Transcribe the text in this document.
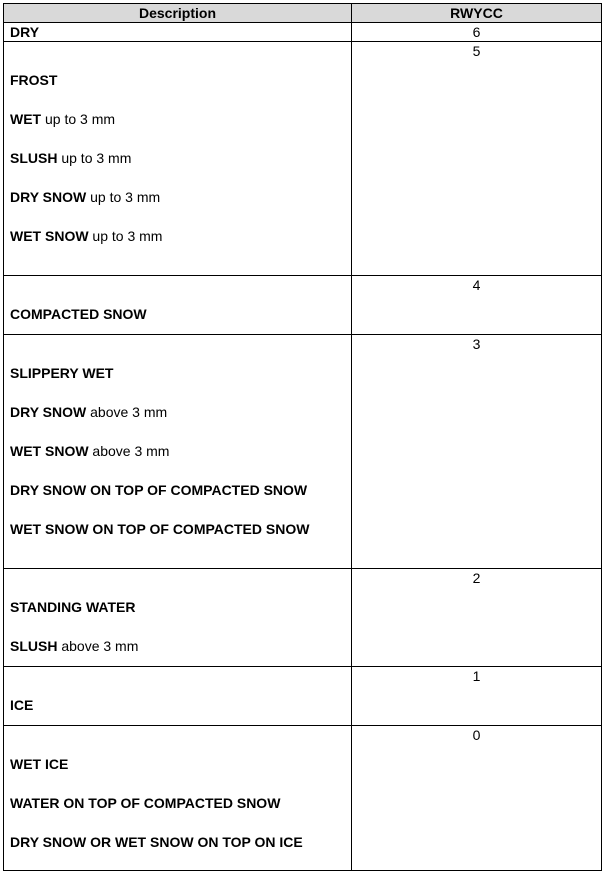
Description	RWYCC

DRY	6

FROST
WET up to 3 mm
SLUSH up to 3 mm
DRY SNOW up to 3 mm
WET SNOW up to 3 mm	5

COMPACTED SNOW	4

SLIPPERY WET
DRY SNOW above 3 mm
WET SNOW above 3 mm
DRY SNOW ON TOP OF COMPACTED SNOW
WET SNOW ON TOP OF COMPACTED SNOW	3

STANDING WATER
SLUSH above 3 mm	2

ICE	1

WET ICE
WATER ON TOP OF COMPACTED SNOW
DRY SNOW OR WET SNOW ON TOP ON ICE	0
